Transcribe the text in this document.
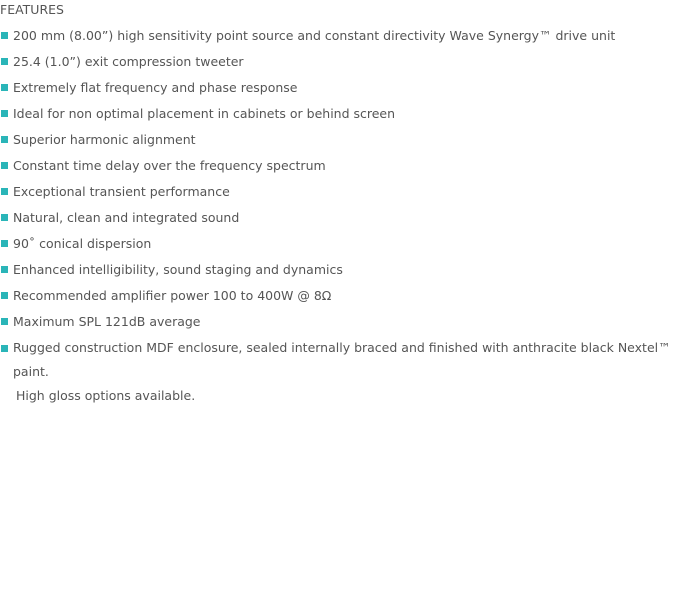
FEATURES
200 mm (8.00”) high sensitivity point source and constant directivity Wave Synergy™ drive unit
25.4 (1.0”) exit compression tweeter
Extremely flat frequency and phase response
Ideal for non optimal placement in cabinets or behind screen
Superior harmonic alignment
Constant time delay over the frequency spectrum
Exceptional transient performance
Natural, clean and integrated sound
90˚ conical dispersion
Enhanced intelligibility, sound staging and dynamics
Recommended amplifier power 100 to 400W @ 8Ω
Maximum SPL 121dB average
Rugged construction MDF enclosure, sealed internally braced and finished with anthracite black Nextel™ paint.
High gloss options available.
